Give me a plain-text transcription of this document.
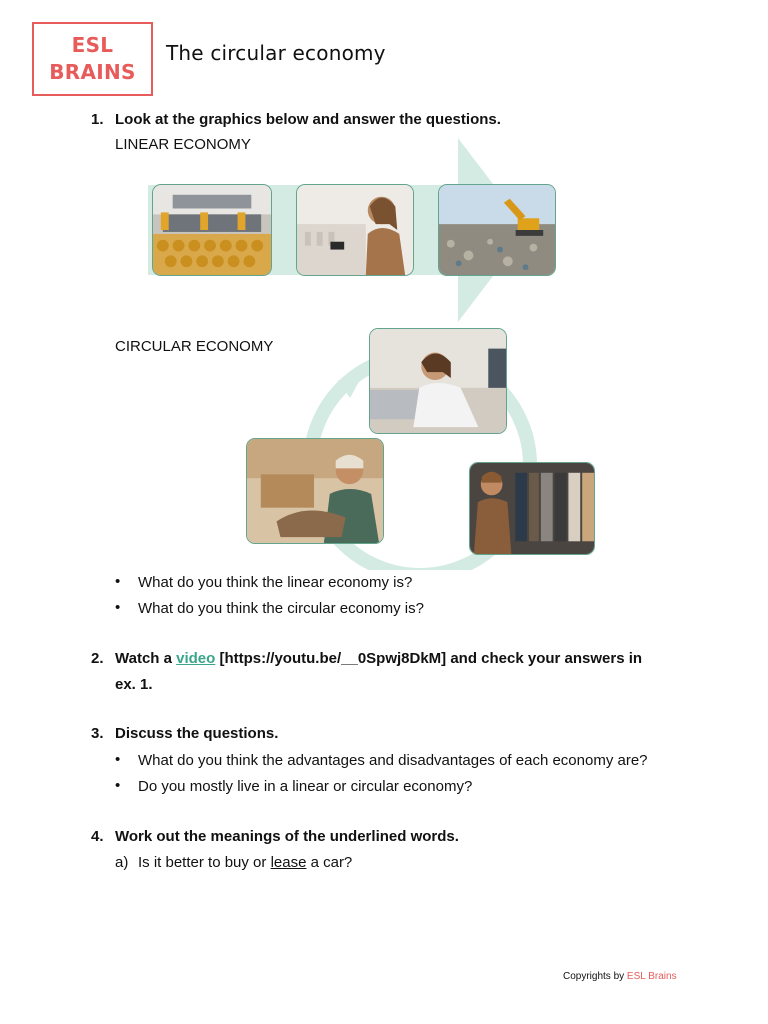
ESL
BRAINS
The circular economy
1. Look at the graphics below and answer the questions.
LINEAR ECONOMY
CIRCULAR ECONOMY
• What do you think the linear economy is?
• What do you think the circular economy is?
2. Watch a video [https://youtu.be/__0Spwj8DkM] and check your answers in
ex. 1.
3. Discuss the questions.
• What do you think the advantages and disadvantages of each economy are?
• Do you mostly live in a linear or circular economy?
4. Work out the meanings of the underlined words.
a) Is it better to buy or lease a car?
Copyrights by ESL Brains
